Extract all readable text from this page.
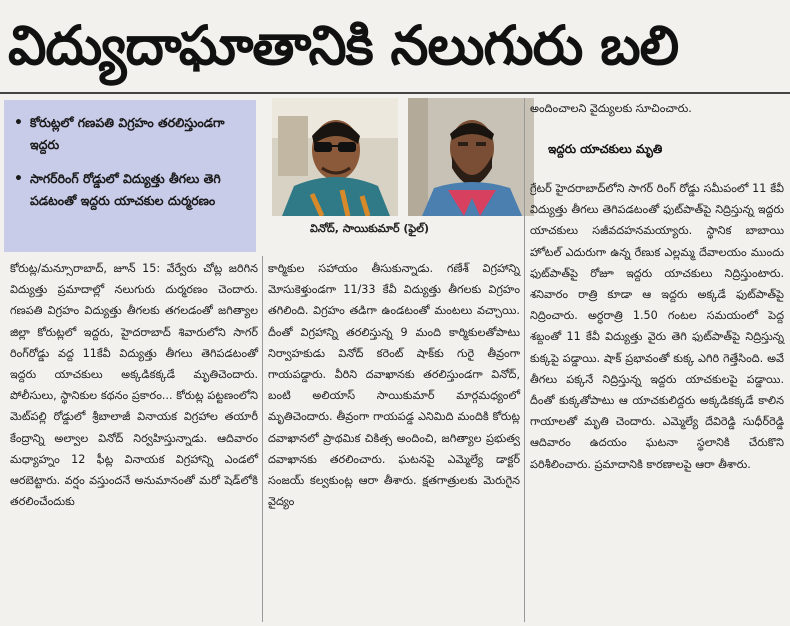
విద్యుదాఘాతానికి నలుగురు బలి
• కోరుట్లలో గణపతి విగ్రహం తరలిస్తుండగా ఇద్దరు
• సాగర్‌రింగ్ రోడ్డులో విద్యుత్తు తీగలు తెగి పడటంతో ఇద్దరు యాచకుల దుర్మరణం
వినోద్, సాయికుమార్ (ఫైల్)

కోరుట్ల/మన్సూరాబాద్, జూన్ 15: వేర్వేరు చోట్ల జరిగిన విద్యుత్తు ప్రమాదాల్లో నలుగురు దుర్మరణం చెందారు. గణపతి విగ్రహం విద్యుత్తు తీగలకు తగలడంతో జగిత్యాల జిల్లా కోరుట్లలో ఇద్దరు, హైదరాబాద్ శివారులోని సాగర్ రింగ్‌రోడ్డు వద్ద 11కేవీ విద్యుత్తు తీగలు తెగిపడటంతో ఇద్దరు యాచకులు అక్కడికక్కడే మృతిచెందారు. పోలీసులు, స్థానికుల కథనం ప్రకారం... కోరుట్ల పట్టణంలోని మెట్‌పల్లి రోడ్డులో శ్రీబాలాజీ వినాయక విగ్రహాల తయారీ కేంద్రాన్ని అల్వాల వినోద్ నిర్వహిస్తున్నాడు. ఆదివారం మధ్యాహ్నం 12 ఫీట్ల వినాయక విగ్రహాన్ని ఎండలో ఆరబెట్టారు. వర్షం వస్తుందనే అనుమానంతో మరో షెడ్‌లోకి తరలించేందుకు

కార్మికుల సహాయం తీసుకున్నాడు. గణేశ్ విగ్రహాన్ని మోసుకెళ్తుండగా 11/33 కేవీ విద్యుత్తు తీగలకు విగ్రహం తగిలింది. విగ్రహం తడిగా ఉండటంతో మంటలు వచ్చాయి. దీంతో విగ్రహాన్ని తరలిస్తున్న 9 మంది కార్మికులతోపాటు నిర్వాహకుడు వినోద్ కరెంట్ షాక్‌కు గురై తీవ్రంగా గాయపడ్డారు. వీరిని దవాఖానకు తరలిస్తుండగా వినోద్, బంటి అలియాస్ సాయికుమార్ మార్గమధ్యంలో మృతిచెందారు. తీవ్రంగా గాయపడ్డ ఎనిమిది మందికి కోరుట్ల దవాఖానలో ప్రాథమిక చికిత్స అందించి, జగిత్యాల ప్రభుత్వ దవాఖానకు తరలించారు. ఘటనపై ఎమ్మెల్యే డాక్టర్ సంజయ్ కల్వకుంట్ల ఆరా తీశారు. క్షతగాత్రులకు మెరుగైన వైద్యం

అందించాలని వైద్యులకు సూచించారు.

ఇద్దరు యాచకులు మృతి

గ్రేటర్ హైదరాబాద్‌లోని సాగర్ రింగ్ రోడ్డు సమీపంలో 11 కేవీ విద్యుత్తు తీగలు తెగిపడటంతో ఫుట్‌పాత్‌పై నిద్రిస్తున్న ఇద్దరు యాచకులు సజీవదహనమయ్యారు. స్థానిక బాబాయి హోటల్ ఎదురుగా ఉన్న రేణుక ఎల్లమ్మ దేవాలయం ముందు ఫుట్‌పాత్‌పై రోజూ ఇద్దరు యాచకులు నిద్రిస్తుంటారు. శనివారం రాత్రి కూడా ఆ ఇద్దరు అక్కడే ఫుట్‌పాత్‌పై నిద్రించారు. అర్ధరాత్రి 1.50 గంటల సమయంలో పెద్ద శబ్దంతో 11 కేవీ విద్యుత్తు వైరు తెగి ఫుట్‌పాత్‌పై నిద్రిస్తున్న కుక్కపై పడ్డాయి. షాక్ ప్రభావంతో కుక్క ఎగిరి గెత్తేసింది. అవే తీగలు పక్కనే నిద్రిస్తున్న ఇద్దరు యాచకులపై పడ్డాయి. దీంతో కుక్కతోపాటు ఆ యాచకులిద్దరు అక్కడికక్కడే కాలిన గాయాలతో మృతి చెందారు. ఎమ్మెల్యే దేవిరెడ్డి సుధీర్‌రెడ్డి ఆదివారం ఉదయం ఘటనా స్థలానికి చేరుకొని పరిశీలించారు. ప్రమాదానికి కారణాలపై ఆరా తీశారు.
